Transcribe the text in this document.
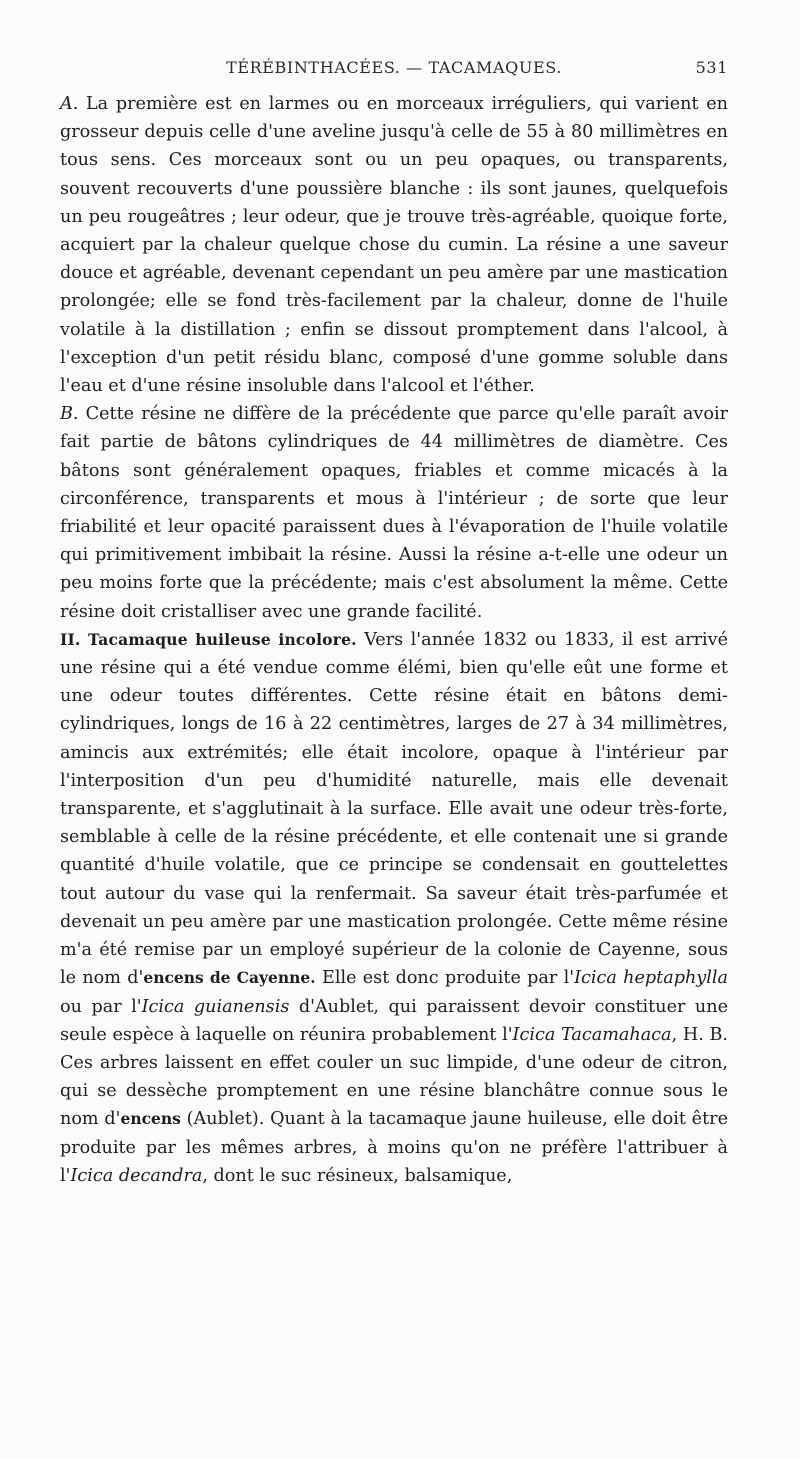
TÉRÉBINTHACÉES. — TACAMAQUES.	531

A. La première est en larmes ou en morceaux irréguliers, qui varient en grosseur depuis celle d'une aveline jusqu'à celle de 55 à 80 millimètres en tous sens. Ces morceaux sont ou un peu opaques, ou transparents, souvent recouverts d'une poussière blanche : ils sont jaunes, quelquefois un peu rougeâtres ; leur odeur, que je trouve très-agréable, quoique forte, acquiert par la chaleur quelque chose du cumin. La résine a une saveur douce et agréable, devenant cependant un peu amère par une mastication prolongée; elle se fond très-facilement par la chaleur, donne de l'huile volatile à la distillation ; enfin se dissout promptement dans l'alcool, à l'exception d'un petit résidu blanc, composé d'une gomme soluble dans l'eau et d'une résine insoluble dans l'alcool et l'éther.

B. Cette résine ne diffère de la précédente que parce qu'elle paraît avoir fait partie de bâtons cylindriques de 44 millimètres de diamètre. Ces bâtons sont généralement opaques, friables et comme micacés à la circonférence, transparents et mous à l'intérieur ; de sorte que leur friabilité et leur opacité paraissent dues à l'évaporation de l'huile volatile qui primitivement imbibait la résine. Aussi la résine a-t-elle une odeur un peu moins forte que la précédente; mais c'est absolument la même. Cette résine doit cristalliser avec une grande facilité.

II. Tacamaque huileuse incolore. Vers l'année 1832 ou 1833, il est arrivé une résine qui a été vendue comme élémi, bien qu'elle eût une forme et une odeur toutes différentes. Cette résine était en bâtons demi-cylindriques, longs de 16 à 22 centimètres, larges de 27 à 34 millimètres, amincis aux extrémités; elle était incolore, opaque à l'intérieur par l'interposition d'un peu d'humidité naturelle, mais elle devenait transparente, et s'agglutinait à la surface. Elle avait une odeur très-forte, semblable à celle de la résine précédente, et elle contenait une si grande quantité d'huile volatile, que ce principe se condensait en gouttelettes tout autour du vase qui la renfermait. Sa saveur était très-parfumée et devenait un peu amère par une mastication prolongée. Cette même résine m'a été remise par un employé supérieur de la colonie de Cayenne, sous le nom d'encens de Cayenne. Elle est donc produite par l'Icica heptaphylla ou par l'Icica guianensis d'Aublet, qui paraissent devoir constituer une seule espèce à laquelle on réunira probablement l'Icica Tacamahaca, H. B. Ces arbres laissent en effet couler un suc limpide, d'une odeur de citron, qui se dessèche promptement en une résine blanchâtre connue sous le nom d'encens (Aublet). Quant à la tacamaque jaune huileuse, elle doit être produite par les mêmes arbres, à moins qu'on ne préfère l'attribuer à l'Icica decandra, dont le suc résineux, balsamique,
